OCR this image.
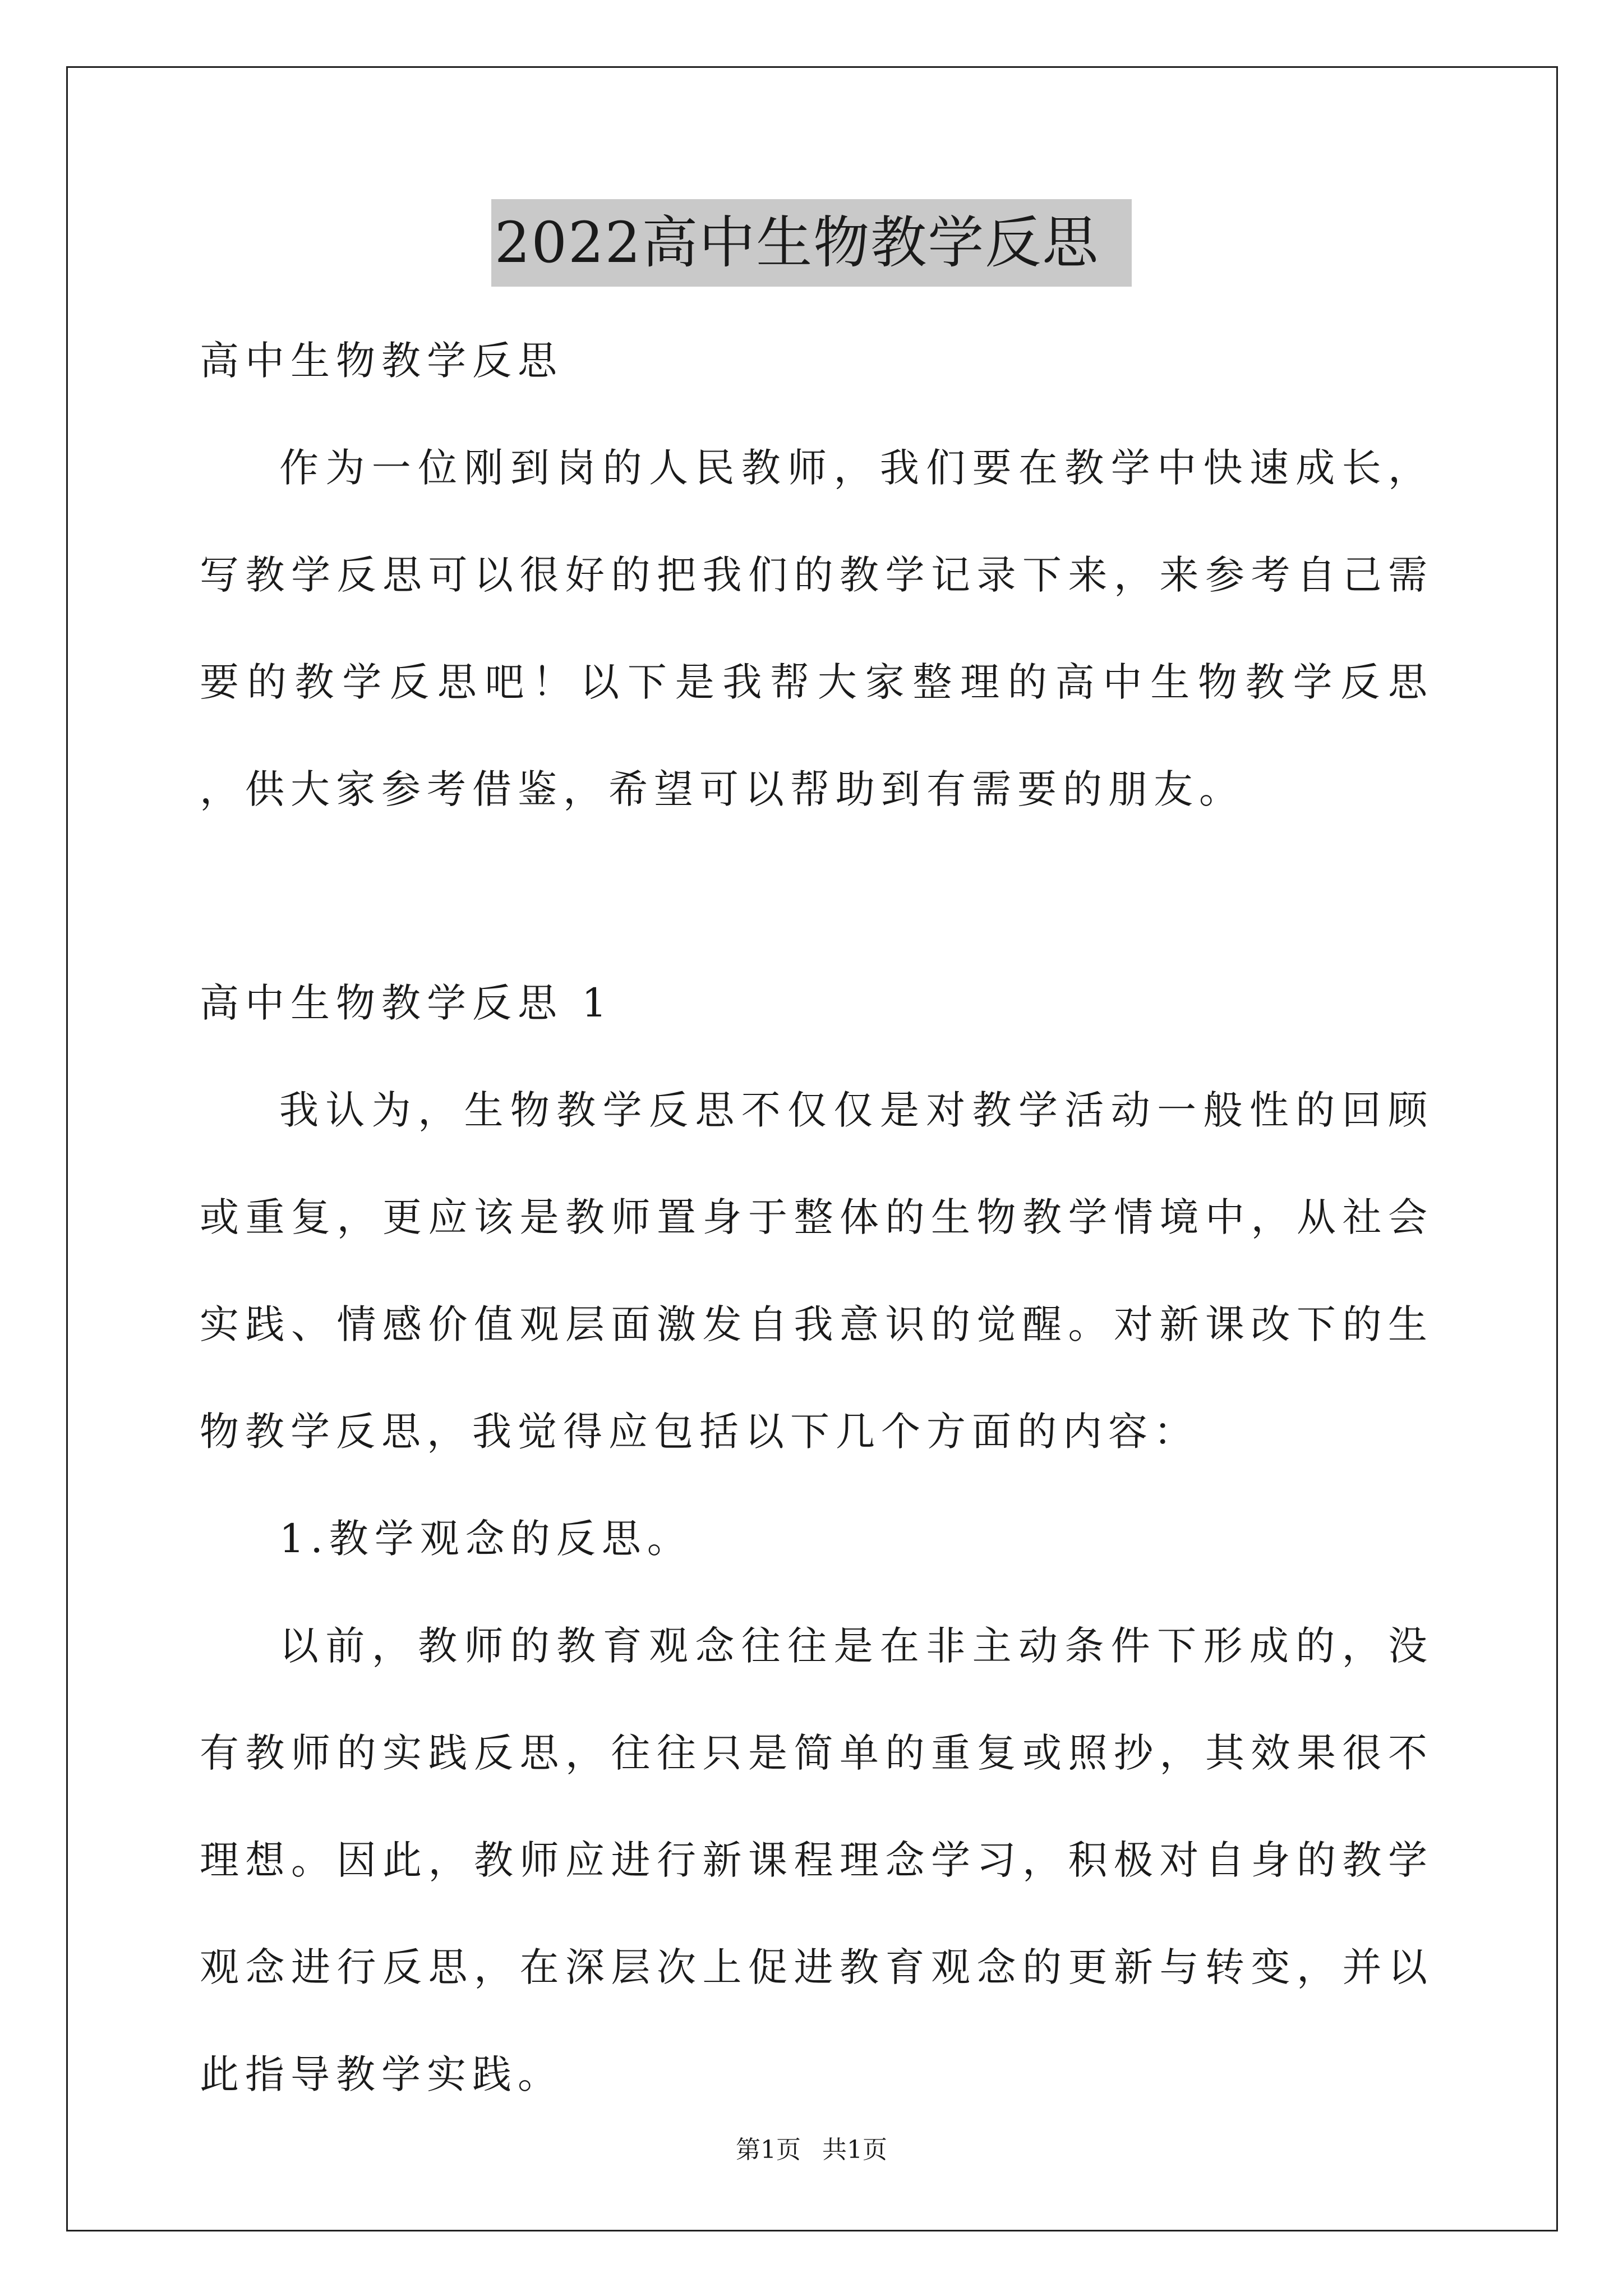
2022高中生物教学反思

高中生物教学反思

作为一位刚到岗的人民教师，我们要在教学中快速成长，写教学反思可以很好的把我们的教学记录下来，来参考自己需要的教学反思吧！以下是我帮大家整理的高中生物教学反思 ，供大家参考借鉴，希望可以帮助到有需要的朋友。

高中生物教学反思 1

我认为，生物教学反思不仅仅是对教学活动一般性的回顾或重复，更应该是教师置身于整体的生物教学情境中，从社会实践、情感价值观层面激发自我意识的觉醒。对新课改下的生物教学反思，我觉得应包括以下几个方面的内容：

1.教学观念的反思。

以前，教师的教育观念往往是在非主动条件下形成的，没有教师的实践反思，往往只是简单的重复或照抄，其效果很不理想。因此，教师应进行新课程理念学习，积极对自身的教学观念进行反思，在深层次上促进教育观念的更新与转变，并以此指导教学实践。

第1页 共1页
